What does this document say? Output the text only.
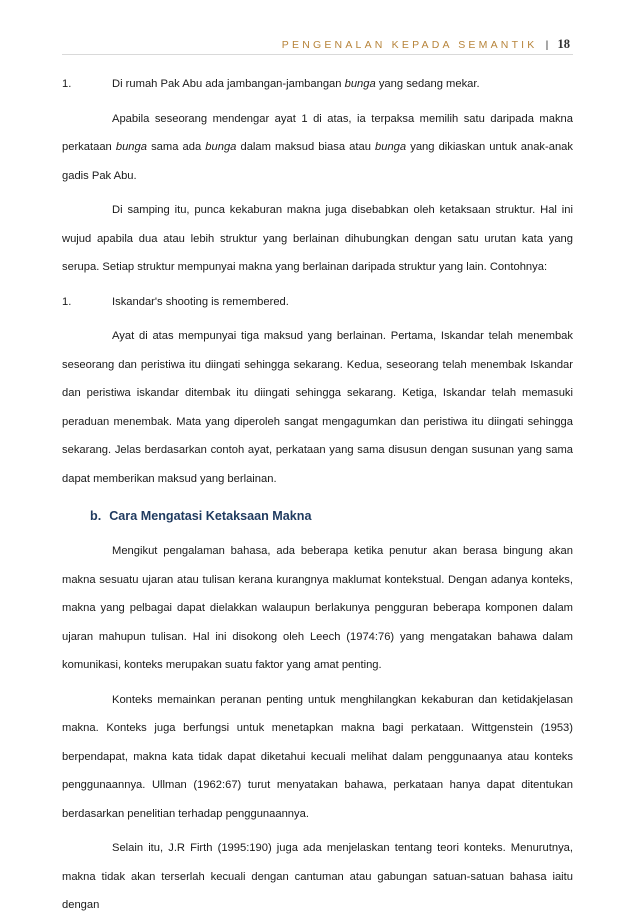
PENGENALAN KEPADA SEMANTIK | 18

1.	Di rumah Pak Abu ada jambangan-jambangan bunga yang sedang mekar.

Apabila seseorang mendengar ayat 1 di atas, ia terpaksa memilih satu daripada makna perkataan bunga sama ada bunga dalam maksud biasa atau bunga yang dikiaskan untuk anak-anak gadis Pak Abu.

Di samping itu, punca kekaburan makna juga disebabkan oleh ketaksaan struktur. Hal ini wujud apabila dua atau lebih struktur yang berlainan dihubungkan dengan satu urutan kata yang serupa. Setiap struktur mempunyai makna yang berlainan daripada struktur yang lain. Contohnya:

1.	Iskandar's shooting is remembered.

Ayat di atas mempunyai tiga maksud yang berlainan. Pertama, Iskandar telah menembak seseorang dan peristiwa itu diingati sehingga sekarang. Kedua, seseorang telah menembak Iskandar dan peristiwa iskandar ditembak itu diingati sehingga sekarang. Ketiga, Iskandar telah memasuki peraduan menembak. Mata yang diperoleh sangat mengagumkan dan peristiwa itu diingati sehingga sekarang. Jelas berdasarkan contoh ayat, perkataan yang sama disusun dengan susunan yang sama dapat memberikan maksud yang berlainan.

b. Cara Mengatasi Ketaksaan Makna

Mengikut pengalaman bahasa, ada beberapa ketika penutur akan berasa bingung akan makna sesuatu ujaran atau tulisan kerana kurangnya maklumat kontekstual. Dengan adanya konteks, makna yang pelbagai dapat dielakkan walaupun berlakunya pengguran beberapa komponen dalam ujaran mahupun tulisan. Hal ini disokong oleh Leech (1974:76) yang mengatakan bahawa dalam komunikasi, konteks merupakan suatu faktor yang amat penting.

Konteks memainkan peranan penting untuk menghilangkan kekaburan dan ketidakjelasan makna. Konteks juga berfungsi untuk menetapkan makna bagi perkataan. Wittgenstein (1953) berpendapat, makna kata tidak dapat diketahui kecuali melihat dalam penggunaanya atau konteks penggunaannya. Ullman (1962:67) turut menyatakan bahawa, perkataan hanya dapat ditentukan berdasarkan penelitian terhadap penggunaannya.

Selain itu, J.R Firth (1995:190) juga ada menjelaskan tentang teori konteks. Menurutnya, makna tidak akan terserlah kecuali dengan cantuman atau gabungan satuan-satuan bahasa iaitu dengan
